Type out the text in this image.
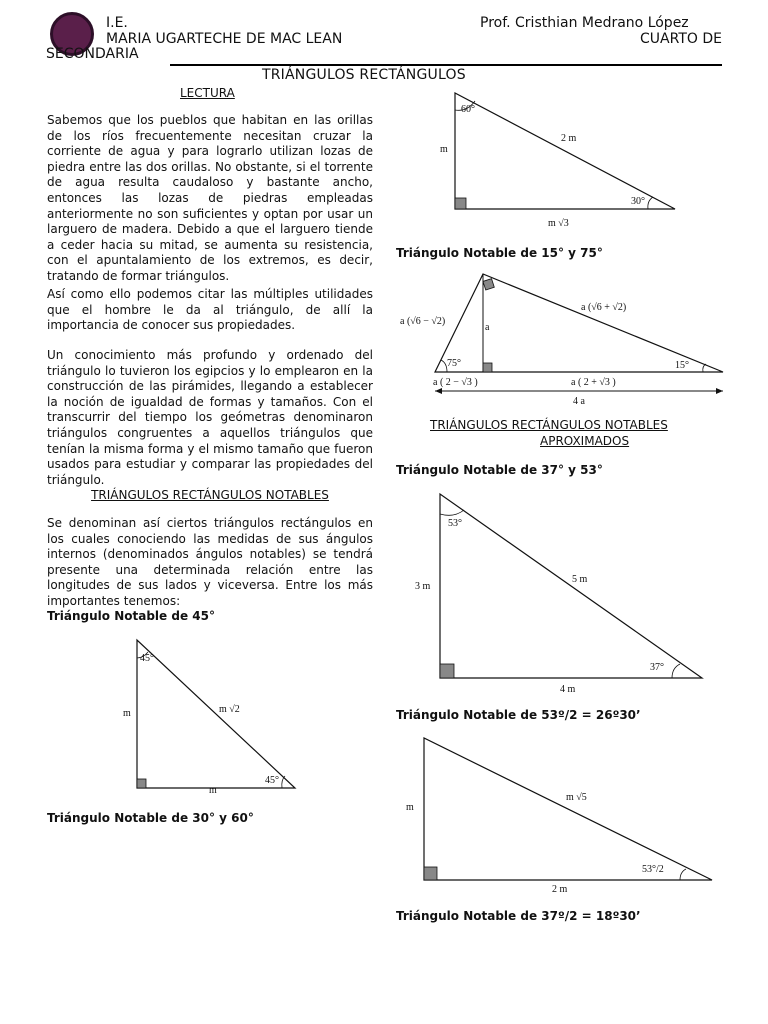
I.E.
MARIA UGARTECHE DE MAC LEAN
Prof. Cristhian Medrano López
CUARTO DE
SECONDARIA
TRIÁNGULOS RECTÁNGULOS
LECTURA
Sabemos que los pueblos que habitan en las orillas de los ríos frecuentemente necesitan cruzar la corriente de agua y para lograrlo utilizan lozas de piedra entre las dos orillas. No obstante, si el torrente de agua resulta caudaloso y bastante ancho, entonces las lozas de piedras empleadas anteriormente no son suficientes y optan por usar un larguero de madera. Debido a que el larguero tiende a ceder hacia su mitad, se aumenta su resistencia, con el apuntalamiento de los extremos, es decir, tratando de formar triángulos.
Así como ello podemos citar las múltiples utilidades que el hombre le da al triángulo, de allí la importancia de conocer sus propiedades.
Un conocimiento más profundo y ordenado del triángulo lo tuvieron los egipcios y lo emplearon en la construcción de las pirámides, llegando a establecer la noción de igualdad de formas y tamaños. Con el transcurrir del tiempo los geómetras denominaron triángulos congruentes a aquellos triángulos que tenían la misma forma y el mismo tamaño que fueron usados para estudiar y comparar las propiedades del triángulo.
TRIÁNGULOS RECTÁNGULOS NOTABLES
Se denominan así ciertos triángulos rectángulos en los cuales conociendo las medidas de sus ángulos internos (denominados ángulos notables) se tendrá presente una determinada relación entre las longitudes de sus lados y viceversa. Entre los más importantes tenemos:
Triángulo Notable de 45°
45°
m √2
m
m
45°
Triángulo Notable de 30° y 60°
60°
2 m
30°
m
m √3
Triángulo Notable de 15° y 75°
a (√6 + √2)
a (√6 − √2)
a
75°	15°
a ( 2 − √3 )	a ( 2 + √3 )
4 a
TRIÁNGULOS RECTÁNGULOS NOTABLES
APROXIMADOS
Triángulo Notable de 37° y 53°
53°
5 m
3 m
37°
4 m
Triángulo Notable de 53º/2 = 26º30’
m
m √5
53°/2
2 m
Triángulo Notable de 37º/2 = 18º30’
